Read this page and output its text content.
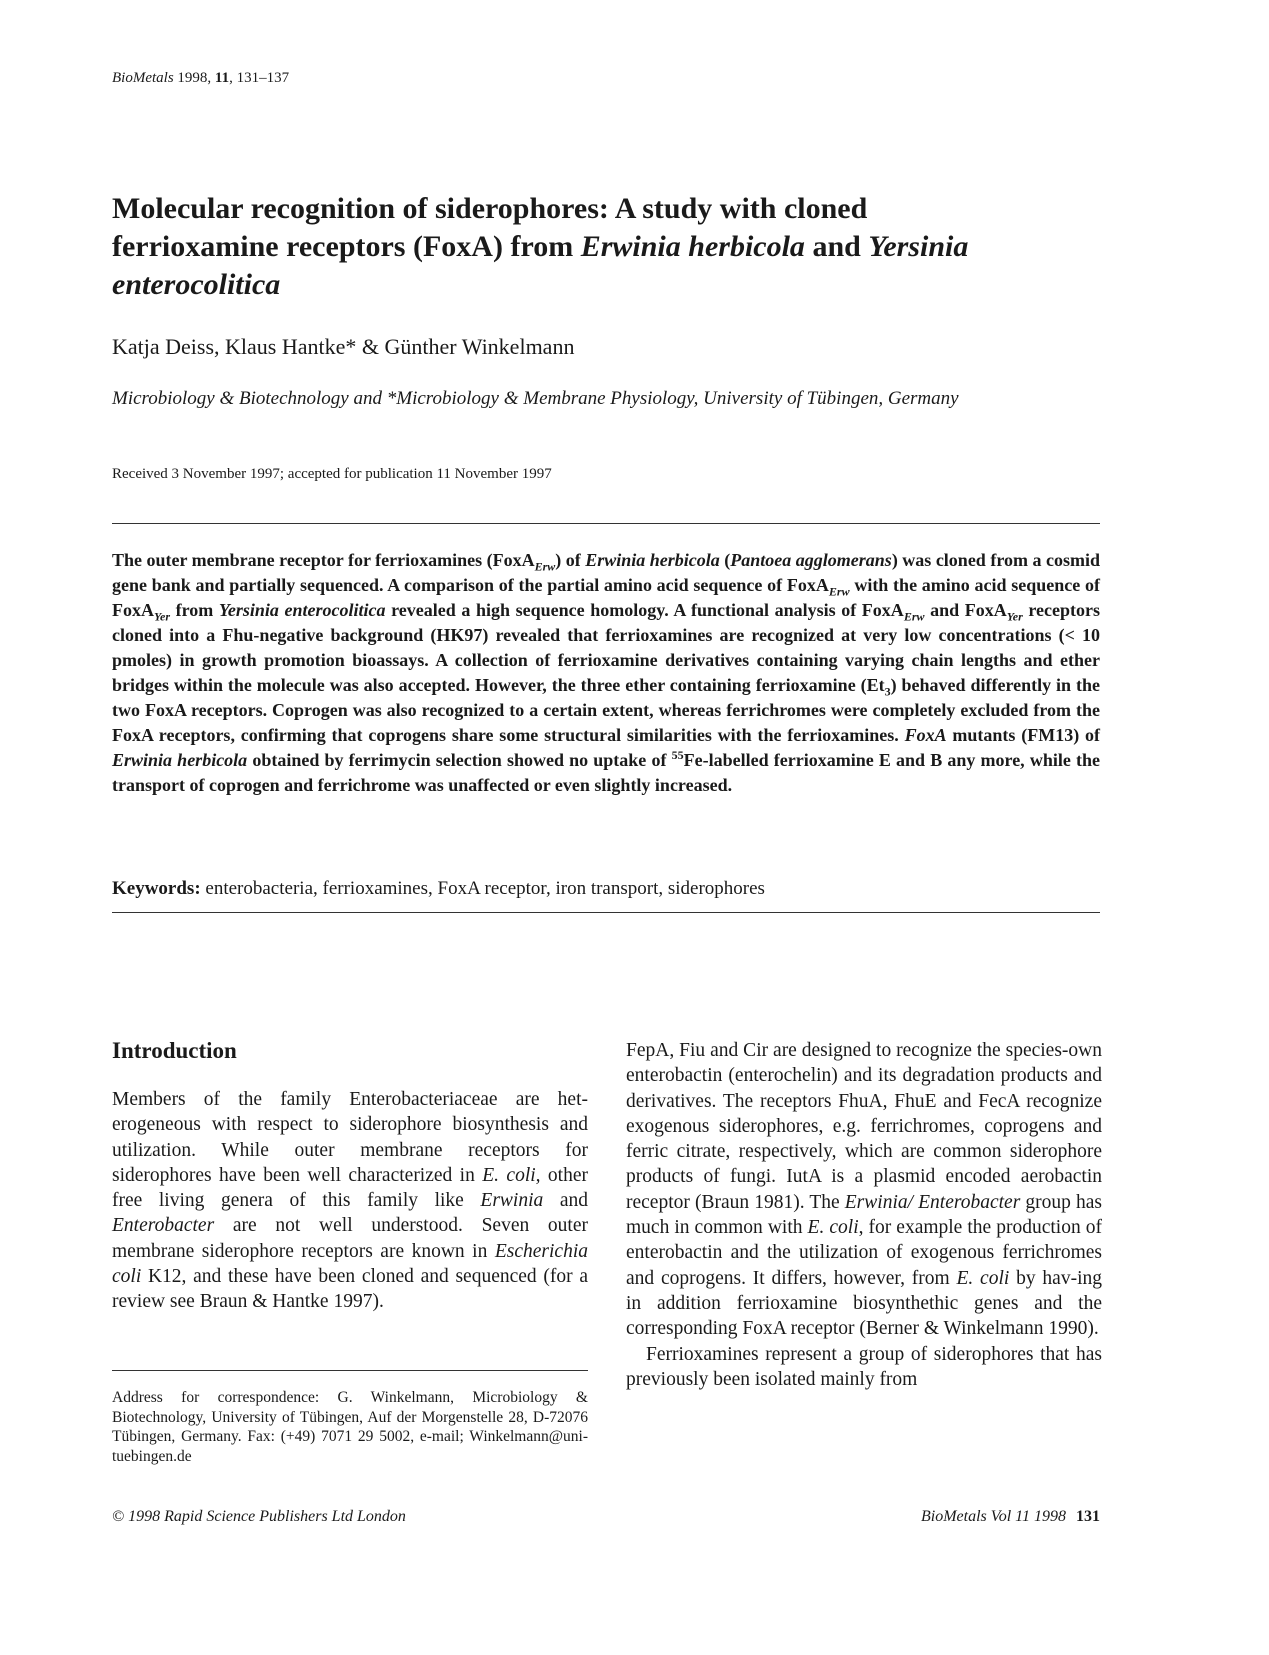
BioMetals 1998, 11, 131–137
Molecular recognition of siderophores: A study with cloned ferrioxamine receptors (FoxA) from Erwinia herbicola and Yersinia enterocolitica
Katja Deiss, Klaus Hantke* & Günther Winkelmann
Microbiology & Biotechnology and *Microbiology & Membrane Physiology, University of Tübingen, Germany
Received 3 November 1997; accepted for publication 11 November 1997

The outer membrane receptor for ferrioxamines (FoxA$_{Erw}$) of Erwinia herbicola (Pantoea agglomerans) was cloned from a cosmid gene bank and partially sequenced. A comparison of the partial amino acid sequence of FoxA$_{Erw}$ with the amino acid sequence of FoxA$_{Yer}$ from Yersinia enterocolitica revealed a high sequence homology. A functional analysis of FoxA$_{Erw}$ and FoxA$_{Yer}$ receptors cloned into a Fhu-negative background (HK97) revealed that ferrioxamines are recognized at very low concentrations (< 10 pmoles) in growth promotion bioassays. A collection of ferrioxamine derivatives containing varying chain lengths and ether bridges within the molecule was also accepted. However, the three ether containing ferrioxamine $(Et_3)$ behaved differently in the two FoxA receptors. Coprogen was also recognized to a certain extent, whereas ferrichromes were completely excluded from the FoxA receptors, confirming that coprogens share some structural similarities with the ferrioxamines. FoxA mutants (FM13) of Erwinia herbicola obtained by ferrimycin selection showed no uptake of $^{55}$Fe-labelled ferrioxamine E and B any more, while the transport of coprogen and ferrichrome was unaffected or even slightly increased.

Keywords: enterobacteria, ferrioxamines, FoxA receptor, iron transport, siderophores
Introduction

Members of the family Enterobacteriaceae are het-erogeneous with respect to siderophore biosynthesis and utilization. While outer membrane receptors for siderophores have been well characterized in E. coli, other free living genera of this family like Erwinia and Enterobacter are not well understood. Seven outer membrane siderophore receptors are known in Escherichia coli K12, and these have been cloned and sequenced (for a review see Braun & Hantke 1997).

Address for correspondence: G. Winkelmann, Microbiology & Biotechnology, University of Tübingen, Auf der Morgenstelle 28, D-72076 Tübingen, Germany. Fax: (+49) 7071 29 5002, e-mail; Winkelmann@uni-tuebingen.de

FepA, Fiu and Cir are designed to recognize the species-own enterobactin (enterochelin) and its degradation products and derivatives. The receptors FhuA, FhuE and FecA recognize exogenous siderophores, e.g. ferrichromes, coprogens and ferric citrate, respectively, which are common siderophore products of fungi. IutA is a plasmid encoded aerobactin receptor (Braun 1981). The Erwinia/ Enterobacter group has much in common with E. coli, for example the production of enterobactin and the utilization of exogenous ferrichromes and coprogens. It differs, however, from E. coli by hav-ing in addition ferrioxamine biosynthethic genes and the corresponding FoxA receptor (Berner & Winkelmann 1990).

Ferrioxamines represent a group of siderophores that has previously been isolated mainly from

© 1998 Rapid Science Publishers Ltd London	BioMetals Vol 11 1998 131
